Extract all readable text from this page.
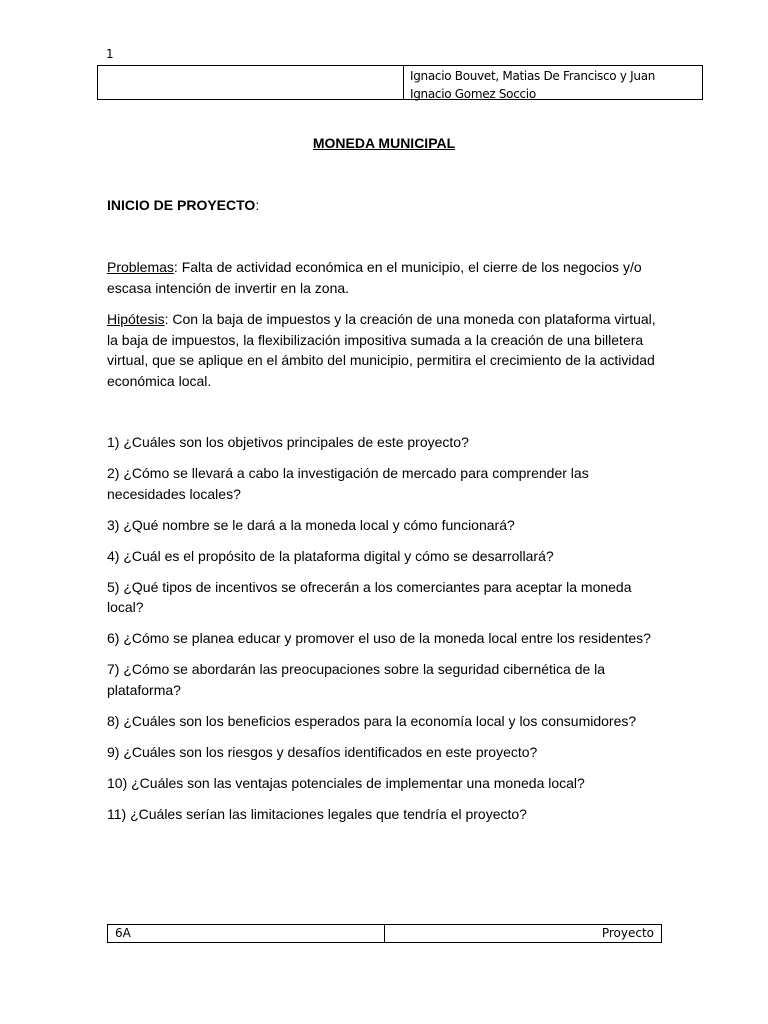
1
Ignacio Bouvet, Matias De Francisco y Juan Ignacio Gomez Soccio
MONEDA MUNICIPAL
INICIO DE PROYECTO:
Problemas: Falta de actividad económica en el municipio, el cierre de los negocios y/o escasa intención de invertir en la zona.
Hipótesis: Con la baja de impuestos y la creación de una moneda con plataforma virtual, la baja de impuestos, la flexibilización impositiva sumada a la creación de una billetera virtual, que se aplique en el ámbito del municipio, permitira el crecimiento de la actividad económica local.
1) ¿Cuáles son los objetivos principales de este proyecto?
2) ¿Cómo se llevará a cabo la investigación de mercado para comprender las necesidades locales?
3) ¿Qué nombre se le dará a la moneda local y cómo funcionará?
4) ¿Cuál es el propósito de la plataforma digital y cómo se desarrollará?
5) ¿Qué tipos de incentivos se ofrecerán a los comerciantes para aceptar la moneda local?
6) ¿Cómo se planea educar y promover el uso de la moneda local entre los residentes?
7) ¿Cómo se abordarán las preocupaciones sobre la seguridad cibernética de la plataforma?
8) ¿Cuáles son los beneficios esperados para la economía local y los consumidores?
9) ¿Cuáles son los riesgos y desafíos identificados en este proyecto?
10) ¿Cuáles son las ventajas potenciales de implementar una moneda local?
11) ¿Cuáles serían las limitaciones legales que tendría el proyecto?
6A	Proyecto
